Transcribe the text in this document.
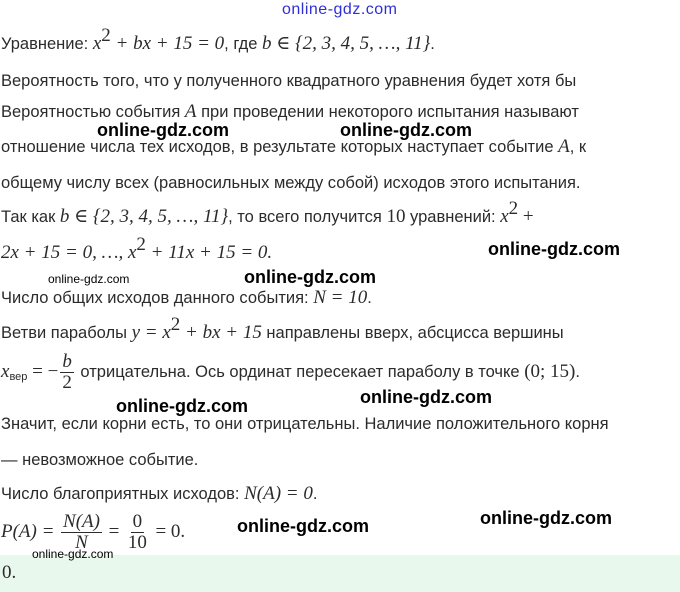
online-gdz.com
Уравнение: $x^2$ + bx + 15 = 0, где b ∈ {2, 3, 4, 5, …, 11}.
Вероятность того, что у полученного квадратного уравнения будет хотя бы
Вероятностью события A при проведении некоторого испытания называют
отношение числа тех исходов, в результате которых наступает событие A, к
общему числу всех (равносильных между собой) исходов этого испытания.
Так как b ∈ {2, 3, 4, 5, …, 11}, то всего получится 10 уравнений: $x^2$ +
2x + 15 = 0, …, $x^2 + 11x + 15 = 0$.
Число общих исходов данного события: N = 10.
Ветви параболы $y = x^2$ + bx + 15 направлены вверх, абсцисса вершины
$x_{вер}$ = − $\frac{b}{2}$ отрицательна. Ось ординат пересекает параболу в точке (0; 15).
Значит, если корни есть, то они отрицательны. Наличие положительного корня
— невозможное событие.
Число благоприятных исходов: N(A) = 0.
$P(A) = \frac{N(A)}{N} = \frac{0}{10} = 0$.
0.
online-gdz.com	online-gdz.com
online-gdz.com
online-gdz.com	online-gdz.com
online-gdz.com	online-gdz.com
online-gdz.com	online-gdz.com
online-gdz.com
